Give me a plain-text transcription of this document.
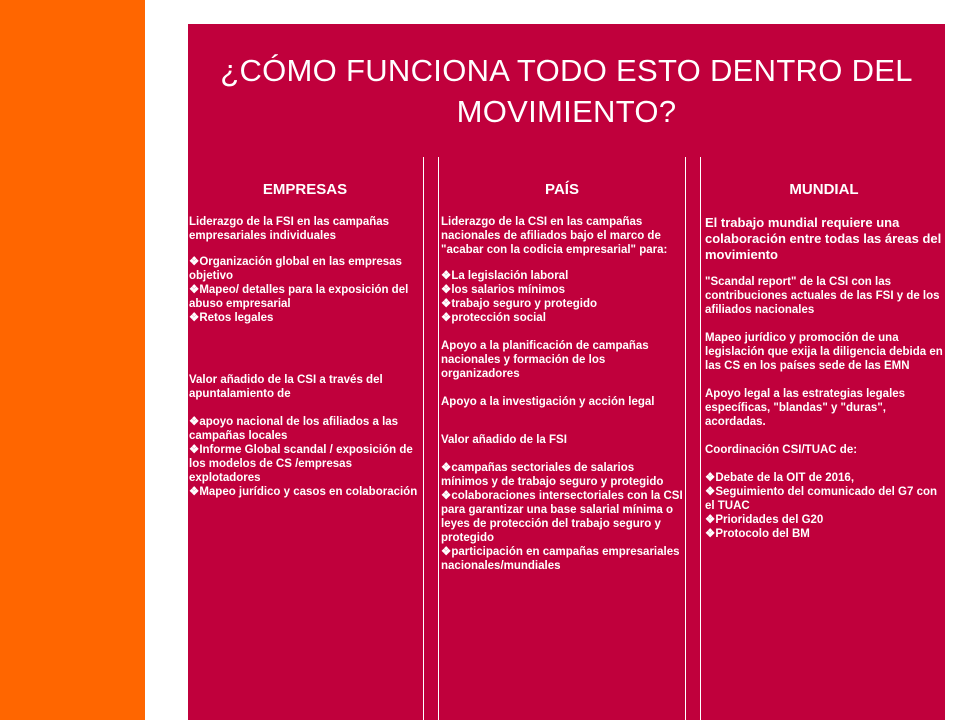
¿CÓMO FUNCIONA TODO ESTO DENTRO DEL MOVIMIENTO?
EMPRESAS

Liderazgo de la FSI en las campañas empresariales individuales

❖Organización global en las empresas objetivo

❖Mapeo/ detalles para la exposición del abuso empresarial

❖Retos legales

Valor añadido de la CSI a través del apuntalamiento de

❖apoyo nacional de los afiliados a las campañas locales

❖Informe Global scandal / exposición de los modelos de CS /empresas explotadores

❖Mapeo jurídico y casos en colaboración

PAÍS

Liderazgo de la CSI en las campañas nacionales de afiliados bajo el marco de "acabar con la codicia empresarial" para:

❖La legislación laboral

❖los salarios mínimos

❖trabajo seguro y protegido

❖protección social

Apoyo a la planificación de campañas nacionales y formación de los organizadores

Apoyo a la investigación y acción legal

Valor añadido de la FSI

❖campañas sectoriales de salarios mínimos y de trabajo seguro y protegido

❖colaboraciones intersectoriales con la CSI para garantizar una base salarial mínima o leyes de protección del trabajo seguro y protegido

❖participación en campañas empresariales nacionales/mundiales

MUNDIAL

El trabajo mundial requiere una colaboración entre todas las áreas del movimiento

"Scandal report" de la CSI con las contribuciones actuales de las FSI y de los afiliados nacionales

Mapeo jurídico y promoción de una legislación que exija la diligencia debida en las CS en los países sede de las EMN

Apoyo legal a las estrategias legales específicas, "blandas" y "duras", acordadas.

Coordinación CSI/TUAC de:

❖Debate de la OIT de 2016,

❖Seguimiento del comunicado del G7 con el TUAC

❖Prioridades del G20

❖Protocolo del BM
